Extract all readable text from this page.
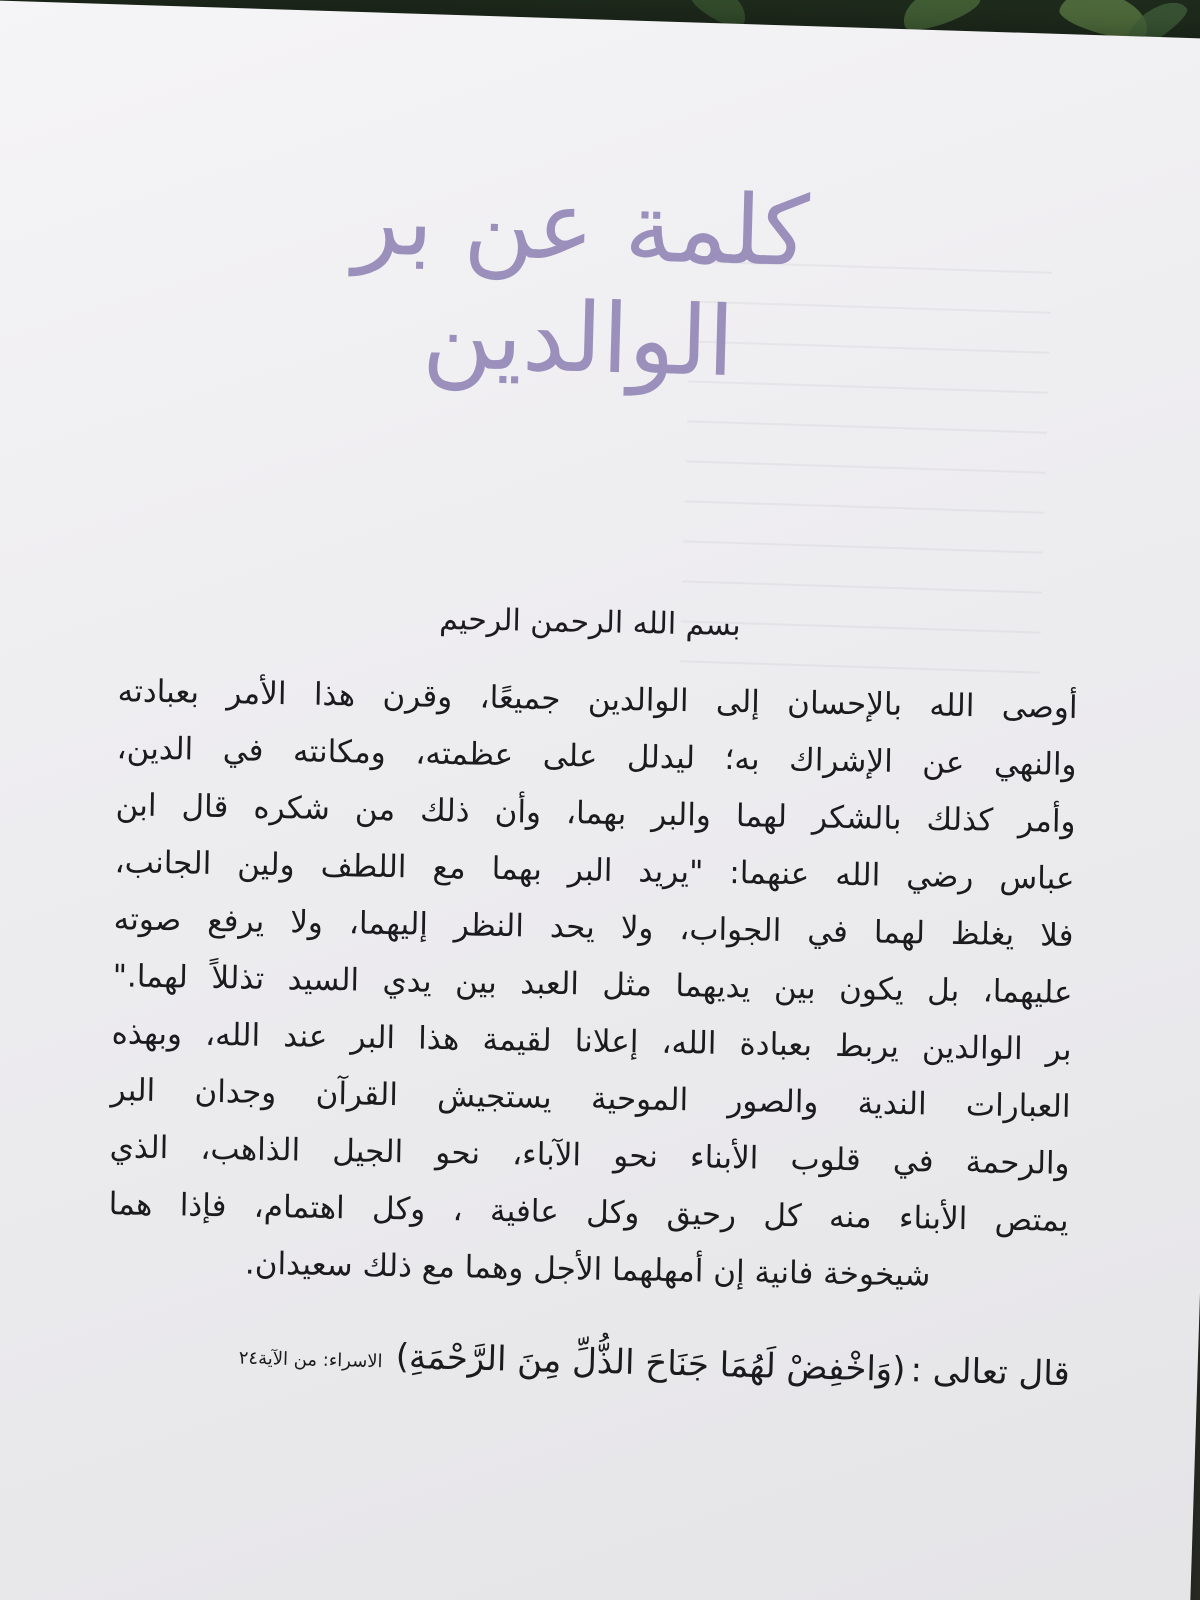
كلمة عن بر الوالدين
بسم الله الرحمن الرحيم
أوصى الله بالإحسان إلى الوالدين جميعًا، وقرن هذا الأمر بعبادته
والنهي عن الإشراك به؛ ليدلل على عظمته، ومكانته في الدين،
وأمر كذلك بالشكر لهما والبر بهما، وأن ذلك من شكره قال ابن
عباس رضي الله عنهما: "يريد البر بهما مع اللطف ولين الجانب،
فلا يغلظ لهما في الجواب، ولا يحد النظر إليهما، ولا يرفع صوته
عليهما، بل يكون بين يديهما مثل العبد بين يدي السيد تذللاً لهما."
بر الوالدين يربط بعبادة الله، إعلانا لقيمة هذا البر عند الله، وبهذه
العبارات الندية والصور الموحية يستجيش القرآن وجدان البر
والرحمة في قلوب الأبناء نحو الآباء، نحو الجيل الذاهب، الذي
يمتص الأبناء منه كل رحيق وكل عافية ، وكل اهتمام، فإذا هما
شيخوخة فانية إن أمهلهما الأجل وهما مع ذلك سعيدان.
قال تعالى : (وَاخْفِضْ لَهُمَا جَنَاحَ الذُّلِّ مِنَ الرَّحْمَةِ) الاسراء: من الآية٢٤
